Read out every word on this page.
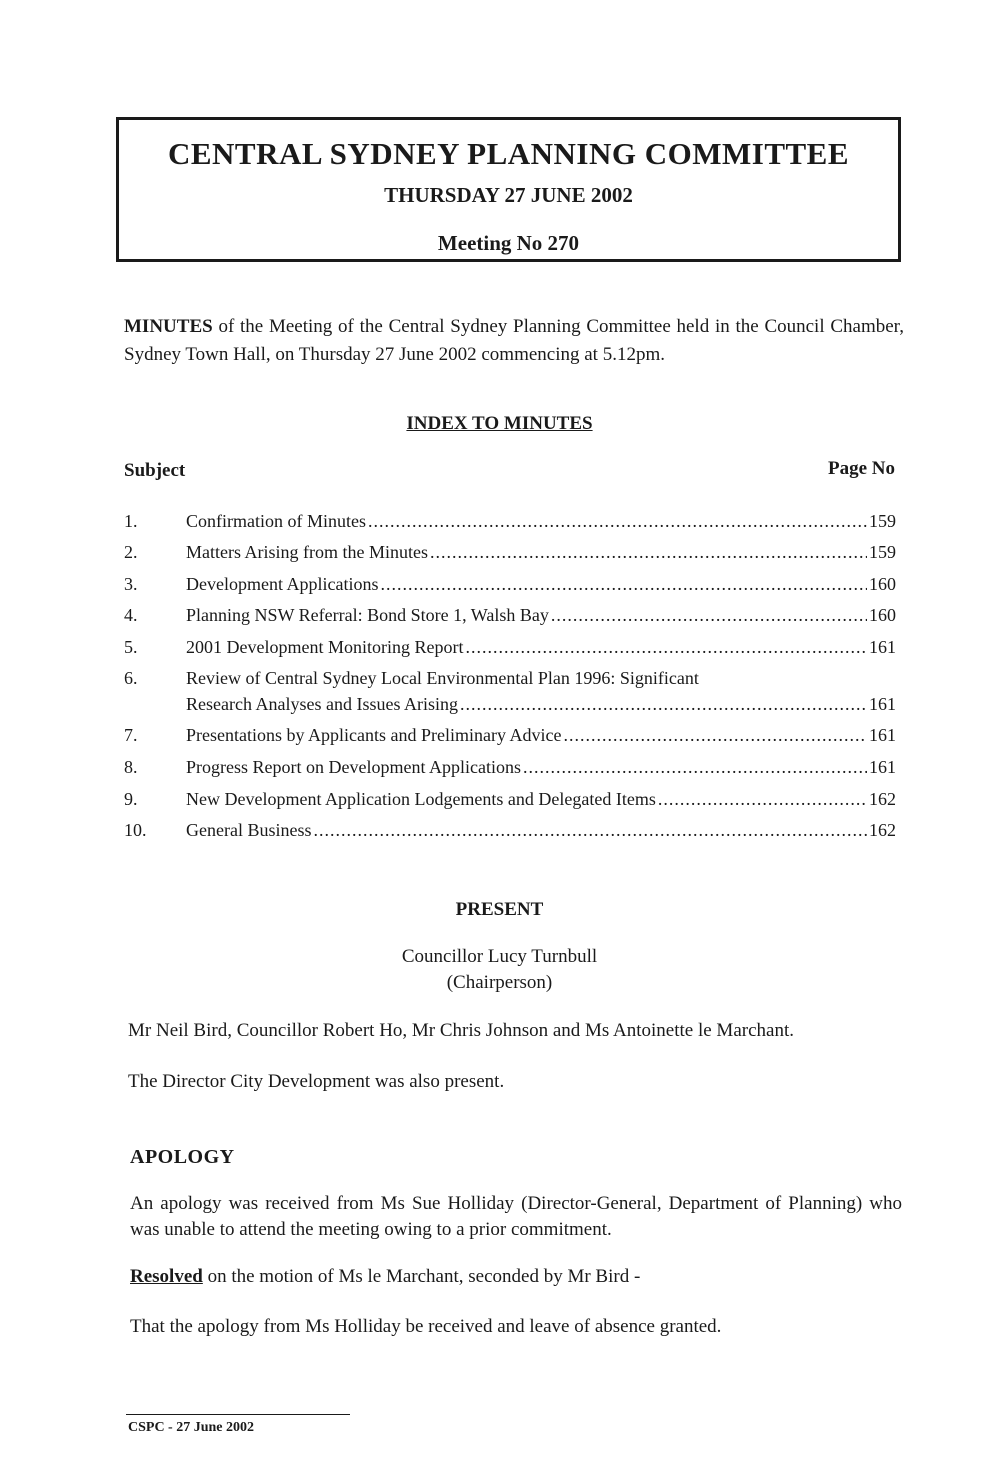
CENTRAL SYDNEY PLANNING COMMITTEE
THURSDAY 27 JUNE 2002
Meeting No 270
MINUTES of the Meeting of the Central Sydney Planning Committee held in the Council Chamber, Sydney Town Hall, on Thursday 27 June 2002 commencing at 5.12pm.
INDEX TO MINUTES
Subject	Page No
1.	Confirmation of Minutes .....	159
2.	Matters Arising from the Minutes .....	159
3.	Development Applications .....	160
4.	Planning NSW Referral: Bond Store 1, Walsh Bay .....	160
5.	2001 Development Monitoring Report .....	161
6.	Review of Central Sydney Local Environmental Plan 1996: Significant
Research Analyses and Issues Arising .....	161
7.	Presentations by Applicants and Preliminary Advice .....	161
8.	Progress Report on Development Applications .....	161
9.	New Development Application Lodgements and Delegated Items .....	162
10. General Business .....	162
PRESENT
Councillor Lucy Turnbull
(Chairperson)
Mr Neil Bird, Councillor Robert Ho, Mr Chris Johnson and Ms Antoinette le Marchant.
The Director City Development was also present.
APOLOGY
An apology was received from Ms Sue Holliday (Director-General, Department of Planning) who was unable to attend the meeting owing to a prior commitment.
Resolved on the motion of Ms le Marchant, seconded by Mr Bird -
That the apology from Ms Holliday be received and leave of absence granted.
CSPC - 27 June 2002
